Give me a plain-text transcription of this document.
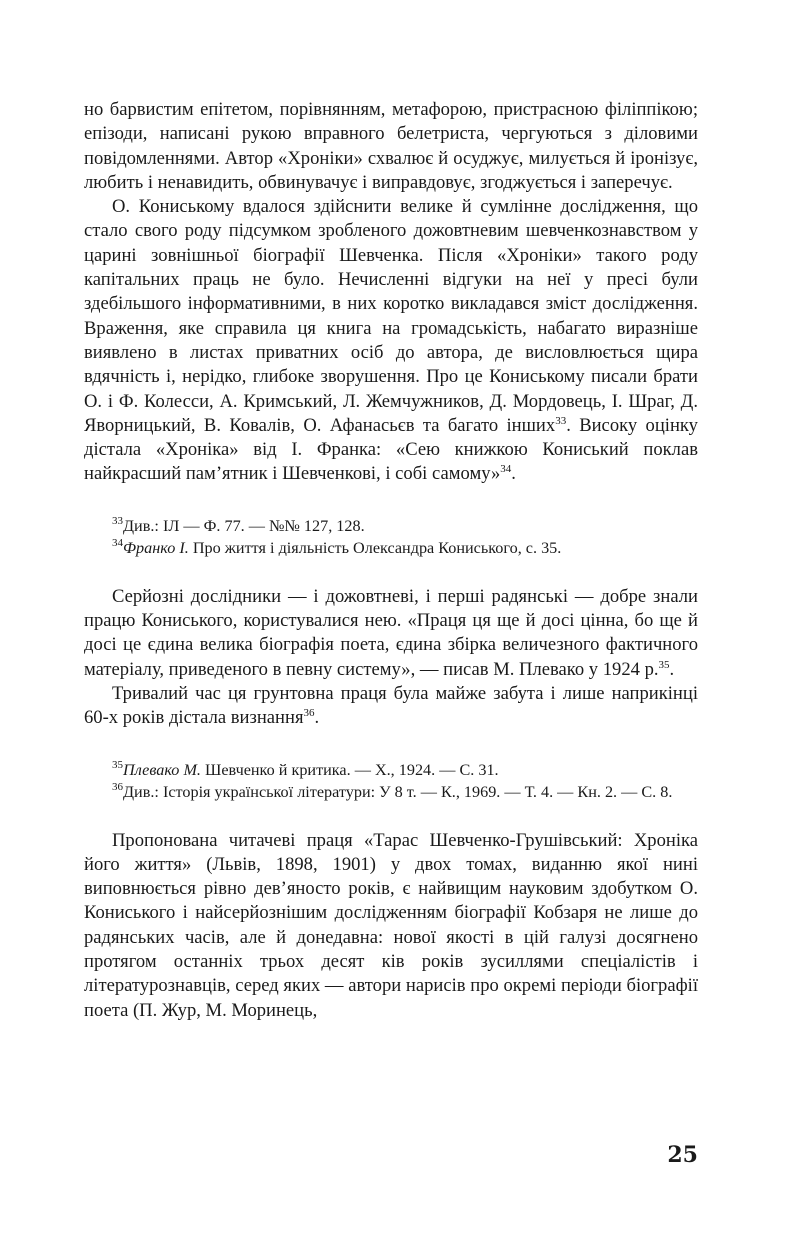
но барвистим епітетом, порівнянням, метафорою, пристрасною філіппікою; епізоди, написані рукою вправного белетриста, чергуються з діловими повідомленнями. Автор «Хроніки» схвалює й осуджує, милується й іронізує, любить і ненавидить, обвинувачує і виправдовує, згоджується і заперечує.

О. Кониському вдалося здійснити велике й сумлінне дослідження, що стало свого роду підсумком зробленого дожовтневим шевченкознавством у царині зовнішньої біографії Шевченка. Після «Хроніки» такого роду капітальних праць не було. Нечисленні відгуки на неї у пресі були здебільшого інформативними, в них коротко викладався зміст дослідження. Враження, яке справила ця книга на громадськість, набагато виразніше виявлено в листах приватних осіб до автора, де висловлюється щира вдячність і, нерідко, глибоке зворушення. Про це Кониському писали брати О. і Ф. Колесси, А. Кримський, Л. Жемчужников, Д. Мордовець, І. Шраг, Д. Яворницький, В. Ковалів, О. Афанасьєв та багато інших$^{33}$. Високу оцінку дістала «Хроніка» від І. Франка: «Сею книжкою Кониський поклав найкрасший пам’ятник і Шевченкові, і собі самому»$^{34}$.

$^{33}$Див.: ІЛ — Ф. 77. — №№ 127, 128.

$^{34}$Франко І. Про життя і діяльність Олександра Кониського, с. 35.

Серйозні дослідники — і дожовтневі, і перші радянські — добре знали працю Кониського, користувалися нею. «Праця ця ще й досі цінна, бо ще й досі це єдина велика біографія поета, єдина збірка величезного фактичного матеріалу, приведеного в певну систему», — писав М. Плевако у 1924 р.$^{35}$.

Тривалий час ця грунтовна праця була майже забута і лише наприкінці 60-х років дістала визнання$^{36}$.

$^{35}$Плевако М. Шевченко й критика. — Х., 1924. — С. 31.

$^{36}$Див.: Історія української літератури: У 8 т. — К., 1969. — Т. 4. — Кн. 2. — С. 8.

Пропонована читачеві праця «Тарас Шевченко-Грушівський: Хроніка його життя» (Львів, 1898, 1901) у двох томах, виданню якої нині виповнюється рівно дев’яносто років, є найвищим науковим здобутком О. Кониського і найсерйознішим дослідженням біографії Кобзаря не лише до радянських часів, але й донедавна: нової якості в цій галузі досягнено протягом останніх трьох десят ків років зусиллями спеціалістів і літературознавців, серед яких — автори нарисів про окремі періоди біографії поета (П. Жур, М. Моринець,

25
